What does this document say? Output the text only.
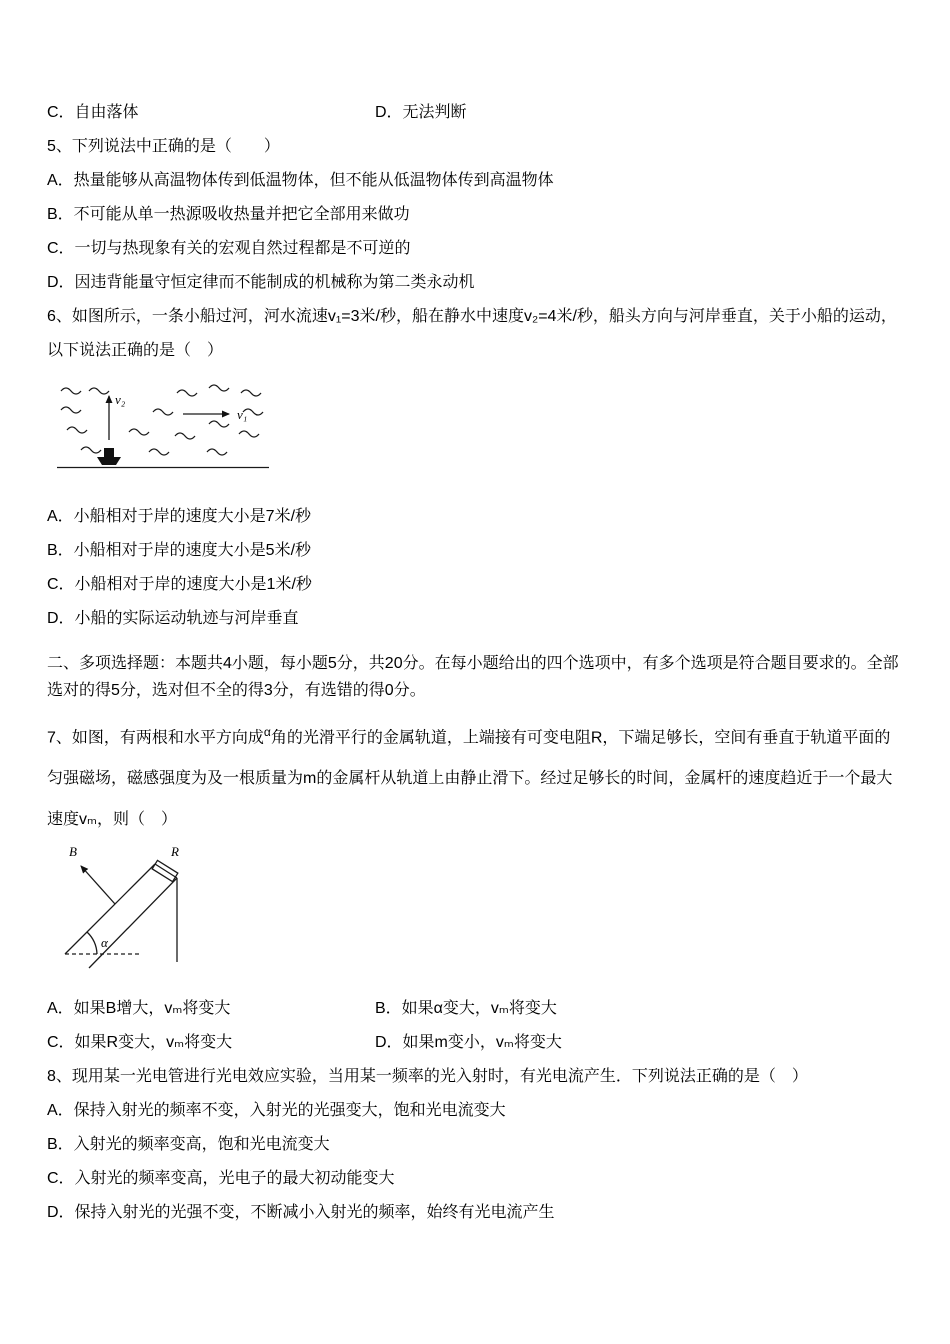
C．自由落体	D．无法判断

5、下列说法中正确的是（　　）

A．热量能够从高温物体传到低温物体，但不能从低温物体传到高温物体

B．不可能从单一热源吸收热量并把它全部用来做功

C．一切与热现象有关的宏观自然过程都是不可逆的

D．因违背能量守恒定律而不能制成的机械称为第二类永动机

6、如图所示，一条小船过河，河水流速v₁=3米/秒，船在静水中速度v₂=4米/秒，船头方向与河岸垂直，关于小船的运动，以下说法正确的是（　）

v₂
v₁

A．小船相对于岸的速度大小是7米/秒

B．小船相对于岸的速度大小是5米/秒

C．小船相对于岸的速度大小是1米/秒

D．小船的实际运动轨迹与河岸垂直

二、多项选择题：本题共4小题，每小题5分，共20分。在每小题给出的四个选项中，有多个选项是符合题目要求的。全部选对的得5分，选对但不全的得3分，有选错的得0分。

7、如图，有两根和水平方向成$^\alpha$角的光滑平行的金属轨道，上端接有可变电阻R，下端足够长，空间有垂直于轨道平面的匀强磁场，磁感强度为及一根质量为m的金属杆从轨道上由静止滑下。经过足够长的时间，金属杆的速度趋近于一个最大速度vₘ，则（　）

R
B
α
A．如果B增大，vₘ将变大	B．如果α变大，vₘ将变大
C．如果R变大，vₘ将变大	D．如果m变小，vₘ将变大

8、现用某一光电管进行光电效应实验，当用某一频率的光入射时，有光电流产生．下列说法正确的是（　）

A．保持入射光的频率不变，入射光的光强变大，饱和光电流变大

B．入射光的频率变高，饱和光电流变大

C．入射光的频率变高，光电子的最大初动能变大

D．保持入射光的光强不变，不断减小入射光的频率，始终有光电流产生
